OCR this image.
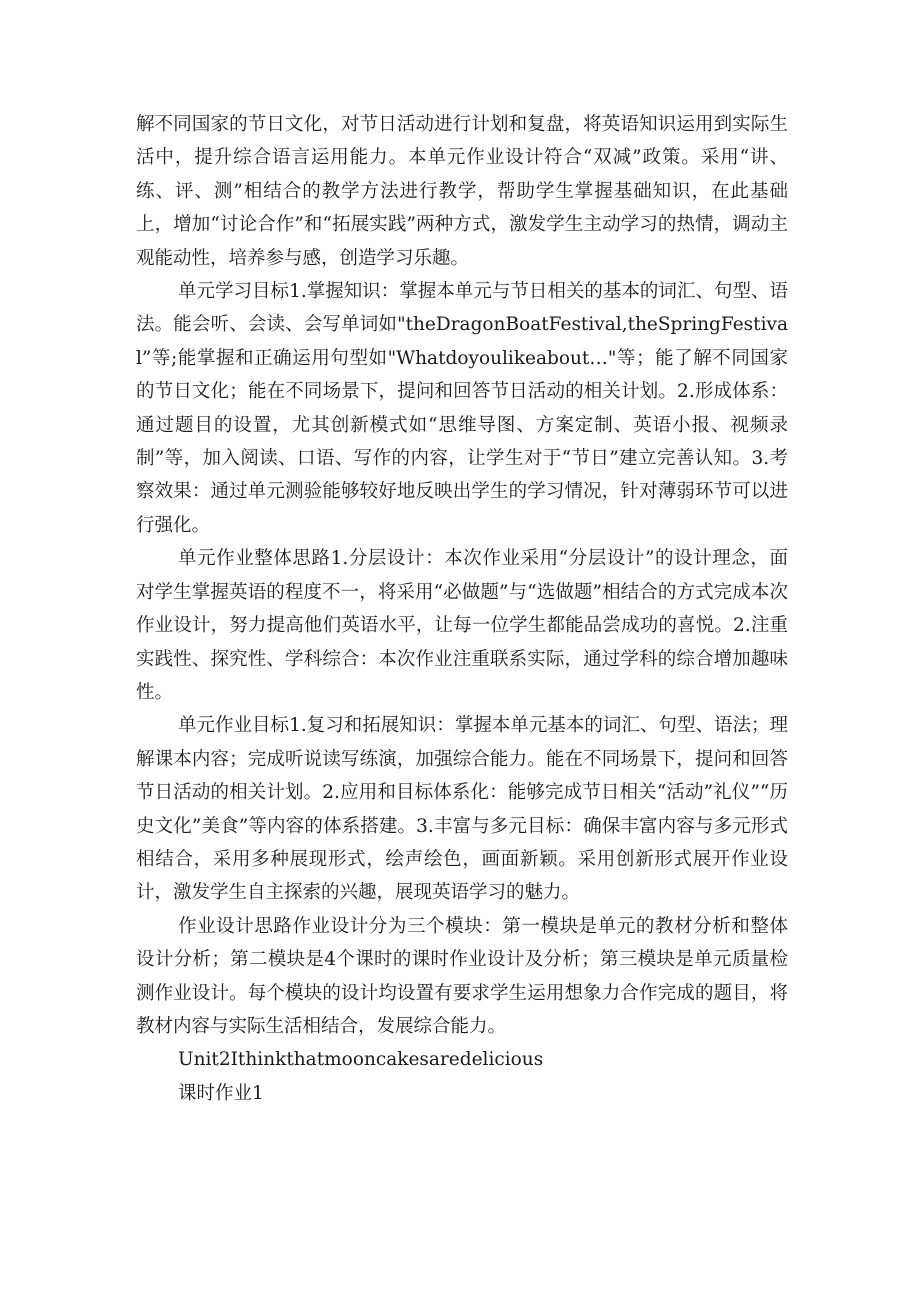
解不同国家的节日文化，对节日活动进行计划和复盘，将英语知识运用到实际生活中，提升综合语言运用能力。本单元作业设计符合“双减”政策。采用“讲、练、评、测”相结合的教学方法进行教学，帮助学生掌握基础知识，在此基础上，增加“讨论合作”和“拓展实践”两种方式，激发学生主动学习的热情，调动主观能动性，培养参与感，创造学习乐趣。

单元学习目标1.掌握知识：掌握本单元与节日相关的基本的词汇、句型、语法。能会听、会读、会写单词如"theDragonBoatFestival,theSpringFestival”等;能掌握和正确运用句型如"Whatdoyoulikeabout…"等；能了解不同国家的节日文化；能在不同场景下，提问和回答节日活动的相关计划。2.形成体系：通过题目的设置，尤其创新模式如“思维导图、方案定制、英语小报、视频录制”等，加入阅读、口语、写作的内容，让学生对于“节日”建立完善认知。3.考察效果：通过单元测验能够较好地反映出学生的学习情况，针对薄弱环节可以进行强化。

单元作业整体思路1.分层设计：本次作业采用“分层设计”的设计理念，面对学生掌握英语的程度不一，将采用“必做题”与“选做题”相结合的方式完成本次作业设计，努力提高他们英语水平，让每一位学生都能品尝成功的喜悦。2.注重实践性、探究性、学科综合：本次作业注重联系实际，通过学科的综合增加趣味性。

单元作业目标1.复习和拓展知识：掌握本单元基本的词汇、句型、语法；理解课本内容；完成听说读写练演，加强综合能力。能在不同场景下，提问和回答节日活动的相关计划。2.应用和目标体系化：能够完成节日相关“活动”礼仪”“历史文化”美食”等内容的体系搭建。3.丰富与多元目标：确保丰富内容与多元形式相结合，采用多种展现形式，绘声绘色，画面新颖。采用创新形式展开作业设计，激发学生自主探索的兴趣，展现英语学习的魅力。

作业设计思路作业设计分为三个模块：第一模块是单元的教材分析和整体设计分析；第二模块是4个课时的课时作业设计及分析；第三模块是单元质量检测作业设计。每个模块的设计均设置有要求学生运用想象力合作完成的题目，将教材内容与实际生活相结合，发展综合能力。

Unit2Ithinkthatmooncakesaredelicious

课时作业1
